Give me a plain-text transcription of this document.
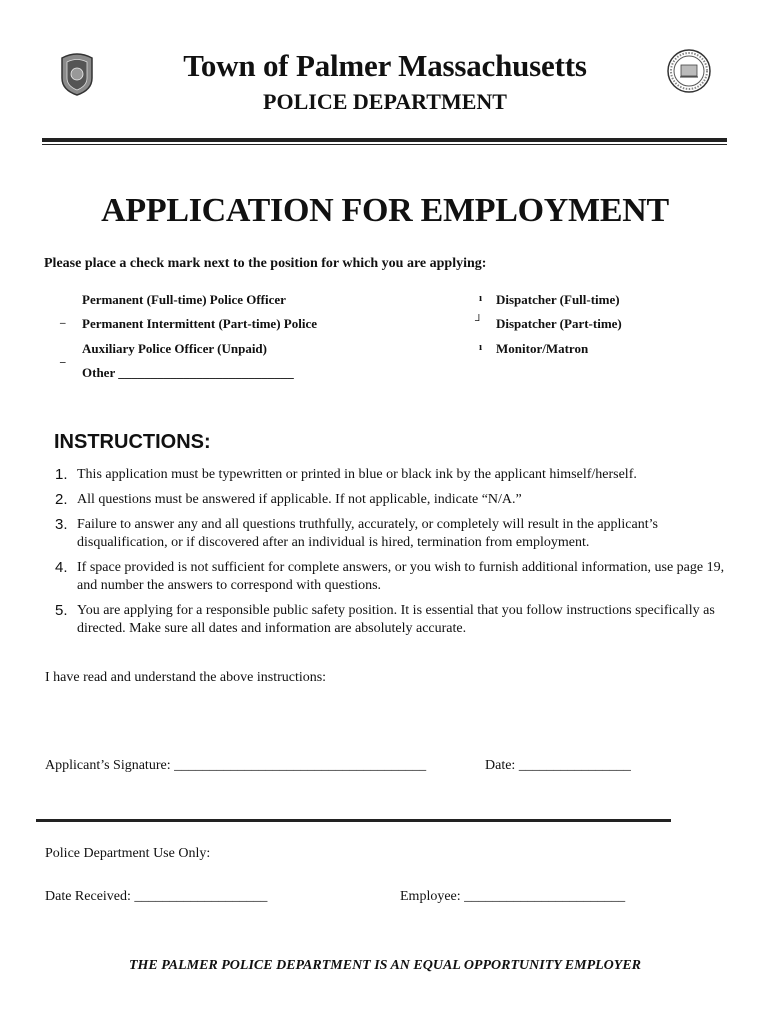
Town of Palmer Massachusetts
POLICE DEPARTMENT
APPLICATION FOR EMPLOYMENT
Please place a check mark next to the position for which you are applying:
Permanent (Full-time) Police Officer
– Permanent Intermittent (Part-time) Police
Auxiliary Police Officer (Unpaid)
¯ Other ___________________________
ı Dispatcher (Full-time)
┘ Dispatcher (Part-time)
ı Monitor/Matron
INSTRUCTIONS:
1. This application must be typewritten or printed in blue or black ink by the applicant himself/herself.
2. All questions must be answered if applicable. If not applicable, indicate “N/A.”
3. Failure to answer any and all questions truthfully, accurately, or completely will result in the applicant’s disqualification, or if discovered after an individual is hired, termination from employment.
4. If space provided is not sufficient for complete answers, or you wish to furnish additional information, use page 19, and number the answers to correspond with questions.
5. You are applying for a responsible public safety position. It is essential that you follow instructions specifically as directed. Make sure all dates and information are absolutely accurate.
I have read and understand the above instructions:
Applicant’s Signature: ____________________________________	Date: ________________
Police Department Use Only:
Date Received: ___________________	Employee: _______________________
THE PALMER POLICE DEPARTMENT IS AN EQUAL OPPORTUNITY EMPLOYER
